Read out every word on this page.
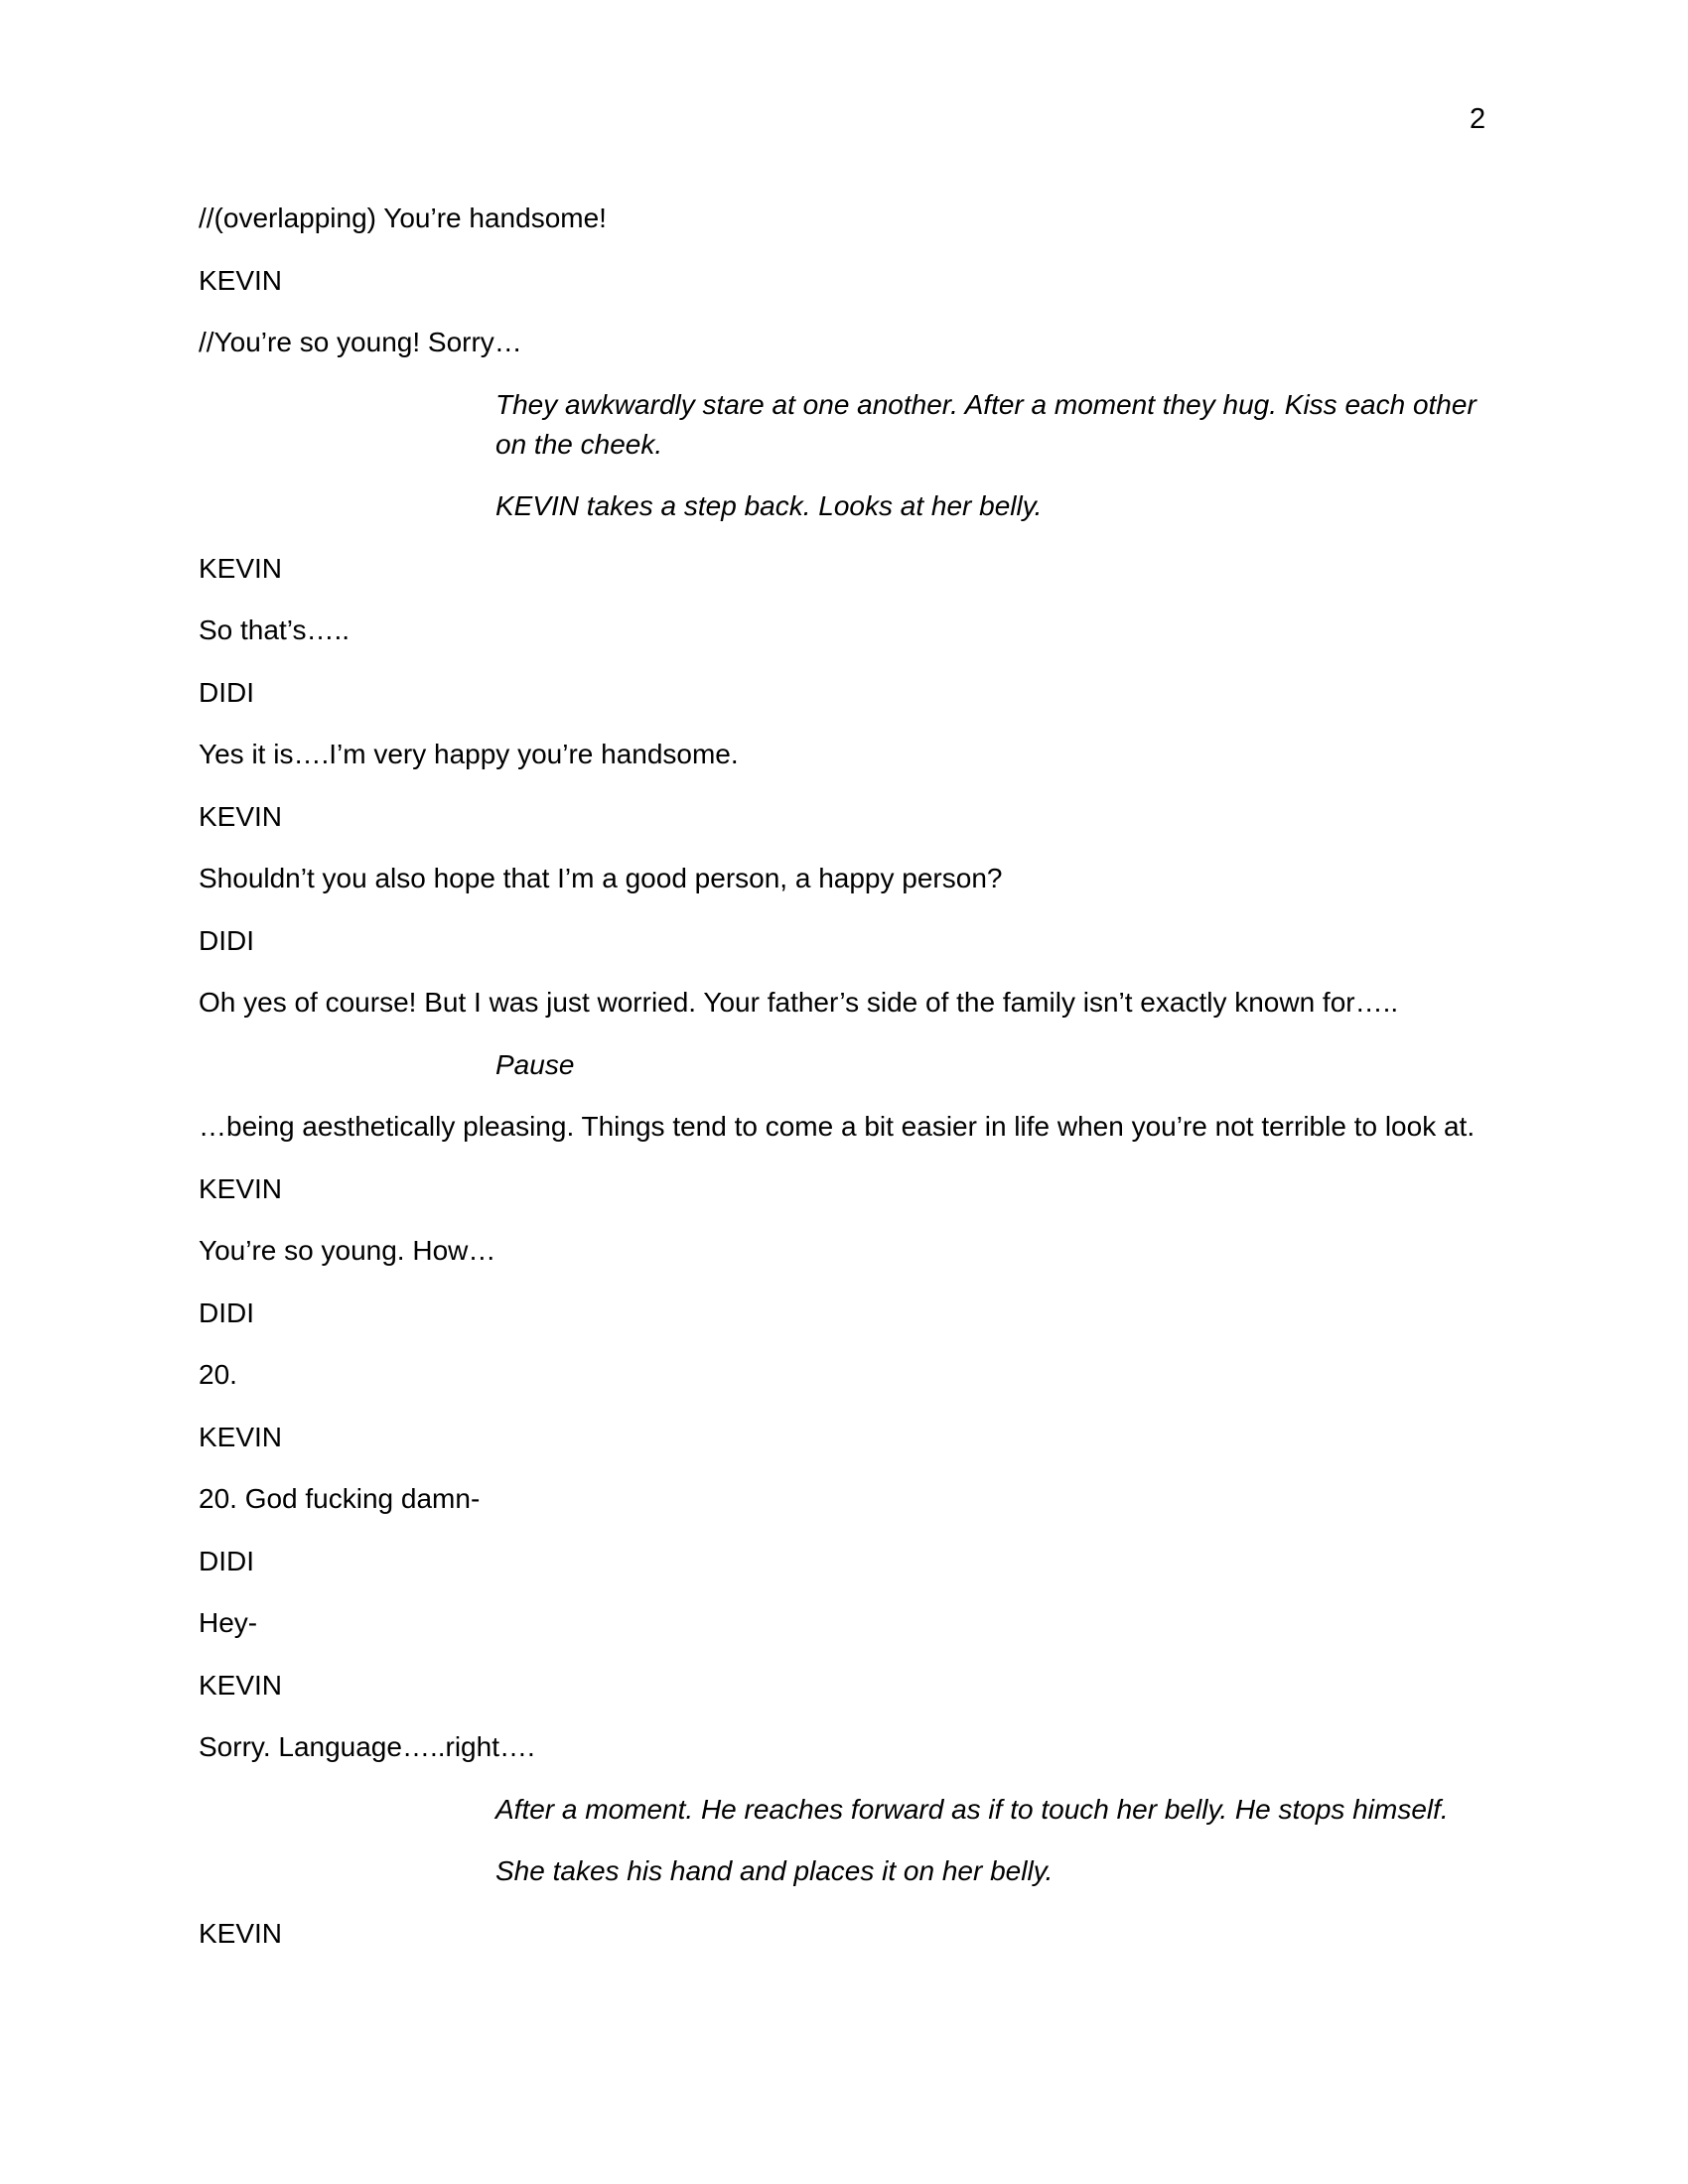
2

//(overlapping) You’re handsome!

KEVIN

//You’re so young! Sorry…

They awkwardly stare at one another. After a moment they hug. Kiss each other on the cheek.

KEVIN takes a step back. Looks at her belly.

KEVIN

So that’s…..

DIDI

Yes it is….I’m very happy you’re handsome.

KEVIN

Shouldn’t you also hope that I’m a good person, a happy person?

DIDI

Oh yes of course! But I was just worried. Your father’s side of the family isn’t exactly known for…..

Pause

…being aesthetically pleasing. Things tend to come a bit easier in life when you’re not terrible to look at.

KEVIN

You’re so young. How…

DIDI

20.

KEVIN

20. God fucking damn-

DIDI

Hey-

KEVIN

Sorry. Language…..right….

After a moment. He reaches forward as if to touch her belly. He stops himself.

She takes his hand and places it on her belly.

KEVIN
